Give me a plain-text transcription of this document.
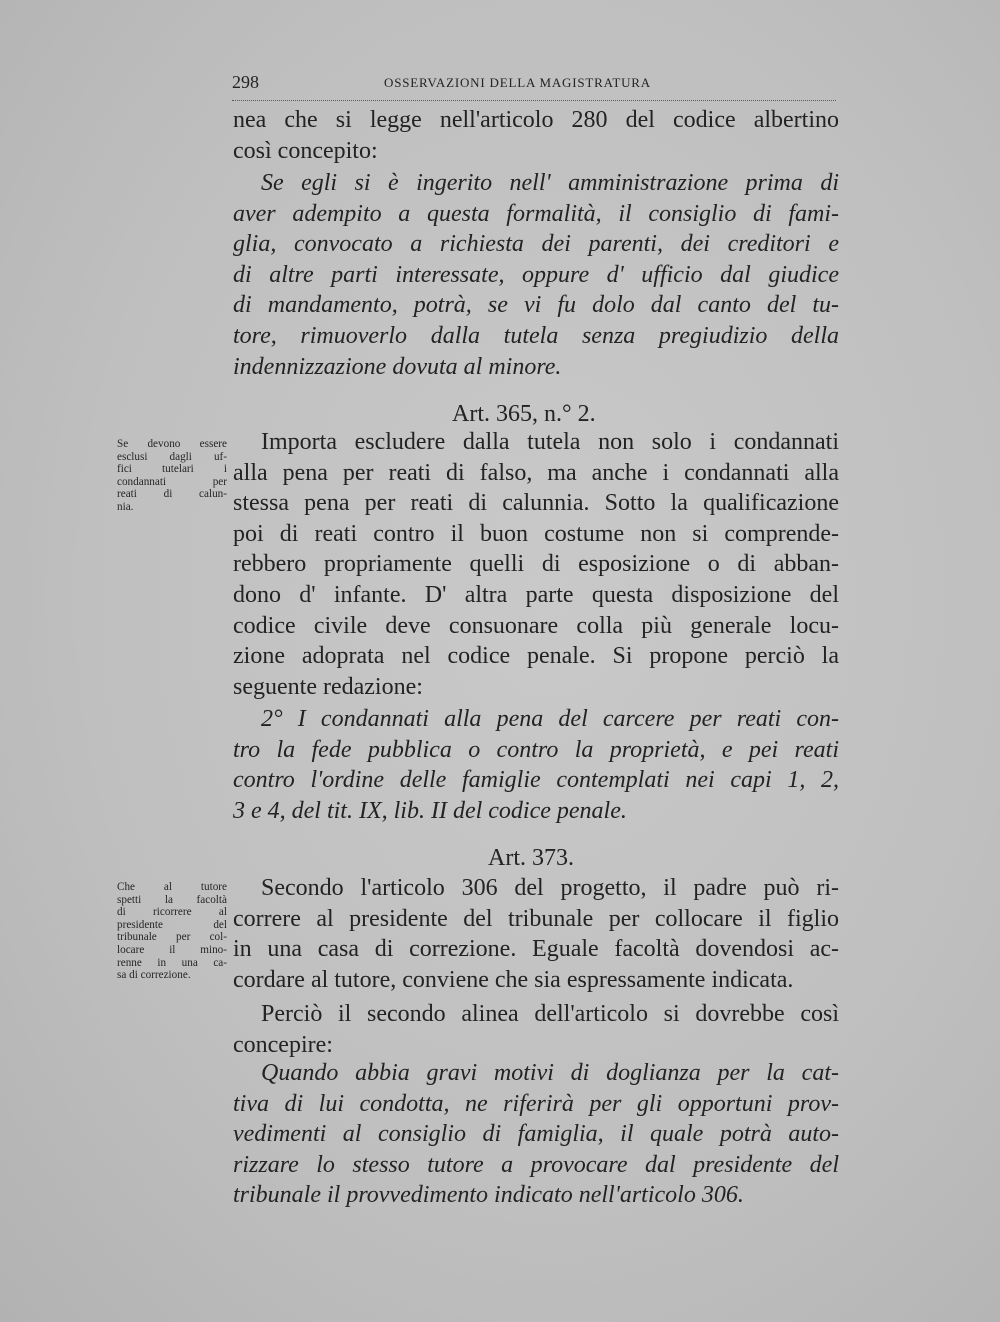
298	OSSERVAZIONI DELLA MAGISTRATURA
nea che si legge nell'articolo 280 del codice albertino
così concepito:
Se egli si è ingerito nell' amministrazione prima di
aver adempito a questa formalità, il consiglio di fami-
glia, convocato a richiesta dei parenti, dei creditori e
di altre parti interessate, oppure d' ufficio dal giudice
di mandamento, potrà, se vi fu dolo dal canto del tu-
tore, rimuoverlo dalla tutela senza pregiudizio della
indennizzazione dovuta al minore.
Art. 365, n.° 2.
Se devono essere
esclusi dagli uf-
fici tutelari i
condannati per
reati di calun-
nia.
Importa escludere dalla tutela non solo i condannati
alla pena per reati di falso, ma anche i condannati alla
stessa pena per reati di calunnia. Sotto la qualificazione
poi di reati contro il buon costume non si comprende-
rebbero propriamente quelli di esposizione o di abban-
dono d' infante. D' altra parte questa disposizione del
codice civile deve consuonare colla più generale locu-
zione adoprata nel codice penale. Si propone perciò la
seguente redazione:
2° I condannati alla pena del carcere per reati con-
tro la fede pubblica o contro la proprietà, e pei reati
contro l'ordine delle famiglie contemplati nei capi 1, 2,
3 e 4, del tit. IX, lib. II del codice penale.
Art. 373.
Che al tutore
spetti la facoltà
di ricorrere al
presidente del
tribunale per col-
locare il mino-
renne in una ca-
sa di correzione.
Secondo l'articolo 306 del progetto, il padre può ri-
correre al presidente del tribunale per collocare il figlio
in una casa di correzione. Eguale facoltà dovendosi ac-
cordare al tutore, conviene che sia espressamente indicata.
Perciò il secondo alinea dell'articolo si dovrebbe così
concepire:
Quando abbia gravi motivi di doglianza per la cat-
tiva di lui condotta, ne riferirà per gli opportuni prov-
vedimenti al consiglio di famiglia, il quale potrà auto-
rizzare lo stesso tutore a provocare dal presidente del
tribunale il provvedimento indicato nell'articolo 306.
